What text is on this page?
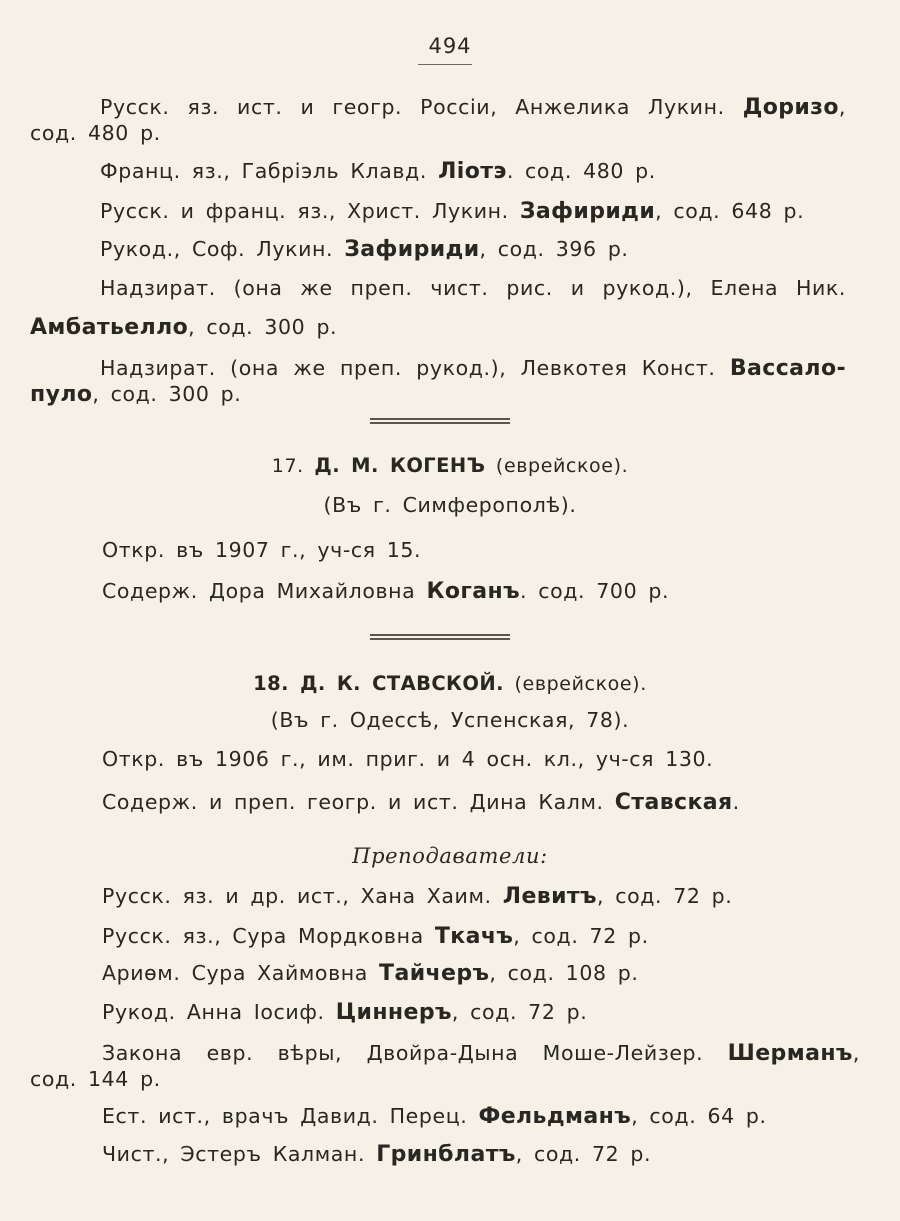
494
Русск. яз. ист. и геогр. Россіи, Анжелика Лукин. Доризо,
сод. 480 р.
Франц. яз., Габріэль Клавд. Ліотэ. сод. 480 р.
Русск. и франц. яз., Христ. Лукин. Зафириди, сод. 648 р.
Рукод., Соф. Лукин. Зафириди, сод. 396 р.
Надзират. (она же преп. чист. рис. и рукод.), Елена Ник.
Амбатьелло, сод. 300 р.
Надзират. (она же преп. рукод.), Левкотея Конст. Вассало-
пуло, сод. 300 р.
17. Д. М. КОГЕНЪ (еврейское).
(Въ г. Симферополѣ).
Откр. въ 1907 г., уч-ся 15.
Содерж. Дора Михайловна Коганъ. сод. 700 р.
18. Д. К. СТАВСКОЙ. (еврейское).
(Въ г. Одессѣ, Успенская, 78).
Откр. въ 1906 г., им. приг. и 4 осн. кл., уч-ся 130.
Содерж. и преп. геогр. и ист. Дина Калм. Ставская.
Преподаватели:
Русск. яз. и др. ист., Хана Хаим. Левитъ, сод. 72 р.
Русск. яз., Сура Мордковна Ткачъ, сод. 72 р.
Ариѳм. Сура Хаймовна Тайчеръ, сод. 108 р.
Рукод. Анна Іосиф. Циннеръ, сод. 72 р.
Закона евр. вѣры, Двойра-Дына Моше-Лейзер. Шерманъ,
сод. 144 р.
Ест. ист., врачъ Давид. Перец. Фельдманъ, сод. 64 р.
Чист., Эстеръ Калман. Гринблатъ, сод. 72 р.
